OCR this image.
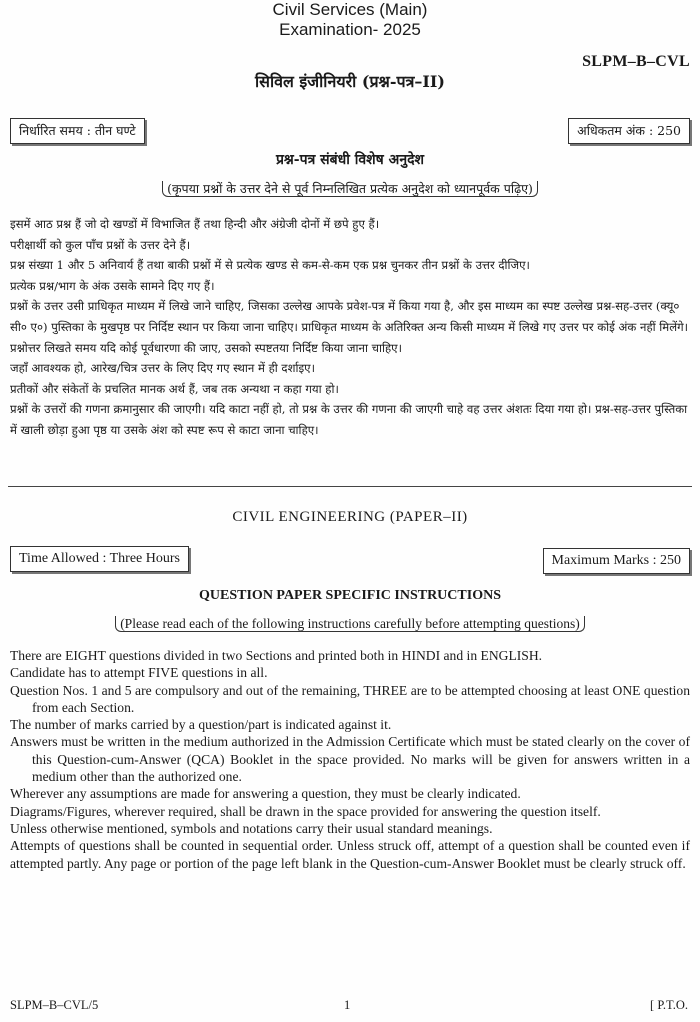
Civil Services (Main)
Examination- 2025
SLPM–B–CVL
सिविल इंजीनियरी (प्रश्न-पत्र–II)
निर्धारित समय : तीन घण्टे	अधिकतम अंक : 250
प्रश्न-पत्र संबंधी विशेष अनुदेश
(कृपया प्रश्नों के उत्तर देने से पूर्व निम्नलिखित प्रत्येक अनुदेश को ध्यानपूर्वक पढ़िए)

इसमें आठ प्रश्न हैं जो दो खण्डों में विभाजित हैं तथा हिन्दी और अंग्रेजी दोनों में छपे हुए हैं।

परीक्षार्थी को कुल पाँच प्रश्नों के उत्तर देने हैं।

प्रश्न संख्या 1 और 5 अनिवार्य हैं तथा बाकी प्रश्नों में से प्रत्येक खण्ड से कम-से-कम एक प्रश्न चुनकर तीन प्रश्नों के उत्तर दीजिए।

प्रत्येक प्रश्न/भाग के अंक उसके सामने दिए गए हैं।

प्रश्नों के उत्तर उसी प्राधिकृत माध्यम में लिखे जाने चाहिए, जिसका उल्लेख आपके प्रवेश-पत्र में किया गया है, और इस माध्यम का स्पष्ट उल्लेख प्रश्न-सह-उत्तर (क्यू० सी० ए०) पुस्तिका के मुखपृष्ठ पर निर्दिष्ट स्थान पर किया जाना चाहिए। प्राधिकृत माध्यम के अतिरिक्त अन्य किसी माध्यम में लिखे गए उत्तर पर कोई अंक नहीं मिलेंगे।

प्रश्नोत्तर लिखते समय यदि कोई पूर्वधारणा की जाए, उसको स्पष्टतया निर्दिष्ट किया जाना चाहिए।

जहाँ आवश्यक हो, आरेख/चित्र उत्तर के लिए दिए गए स्थान में ही दर्शाइए।

प्रतीकों और संकेतों के प्रचलित मानक अर्थ हैं, जब तक अन्यथा न कहा गया हो।

प्रश्नों के उत्तरों की गणना क्रमानुसार की जाएगी। यदि काटा नहीं हो, तो प्रश्न के उत्तर की गणना की जाएगी चाहे वह उत्तर अंशतः दिया गया हो। प्रश्न-सह-उत्तर पुस्तिका में खाली छोड़ा हुआ पृष्ठ या उसके अंश को स्पष्ट रूप से काटा जाना चाहिए।

CIVIL ENGINEERING (PAPER–II)
Time Allowed : Three Hours	Maximum Marks : 250
QUESTION PAPER SPECIFIC INSTRUCTIONS
(Please read each of the following instructions carefully before attempting questions)

There are EIGHT questions divided in two Sections and printed both in HINDI and in ENGLISH.

Candidate has to attempt FIVE questions in all.

Question Nos. 1 and 5 are compulsory and out of the remaining, THREE are to be attempted choosing at least ONE question from each Section.

The number of marks carried by a question/part is indicated against it.

Answers must be written in the medium authorized in the Admission Certificate which must be stated clearly on the cover of this Question-cum-Answer (QCA) Booklet in the space provided. No marks will be given for answers written in a medium other than the authorized one.

Wherever any assumptions are made for answering a question, they must be clearly indicated.

Diagrams/Figures, wherever required, shall be drawn in the space provided for answering the question itself.

Unless otherwise mentioned, symbols and notations carry their usual standard meanings.

Attempts of questions shall be counted in sequential order. Unless struck off, attempt of a question shall be counted even if attempted partly. Any page or portion of the page left blank in the Question-cum-Answer Booklet must be clearly struck off.

SLPM–B–CVL/5	1	[ P.T.O.
